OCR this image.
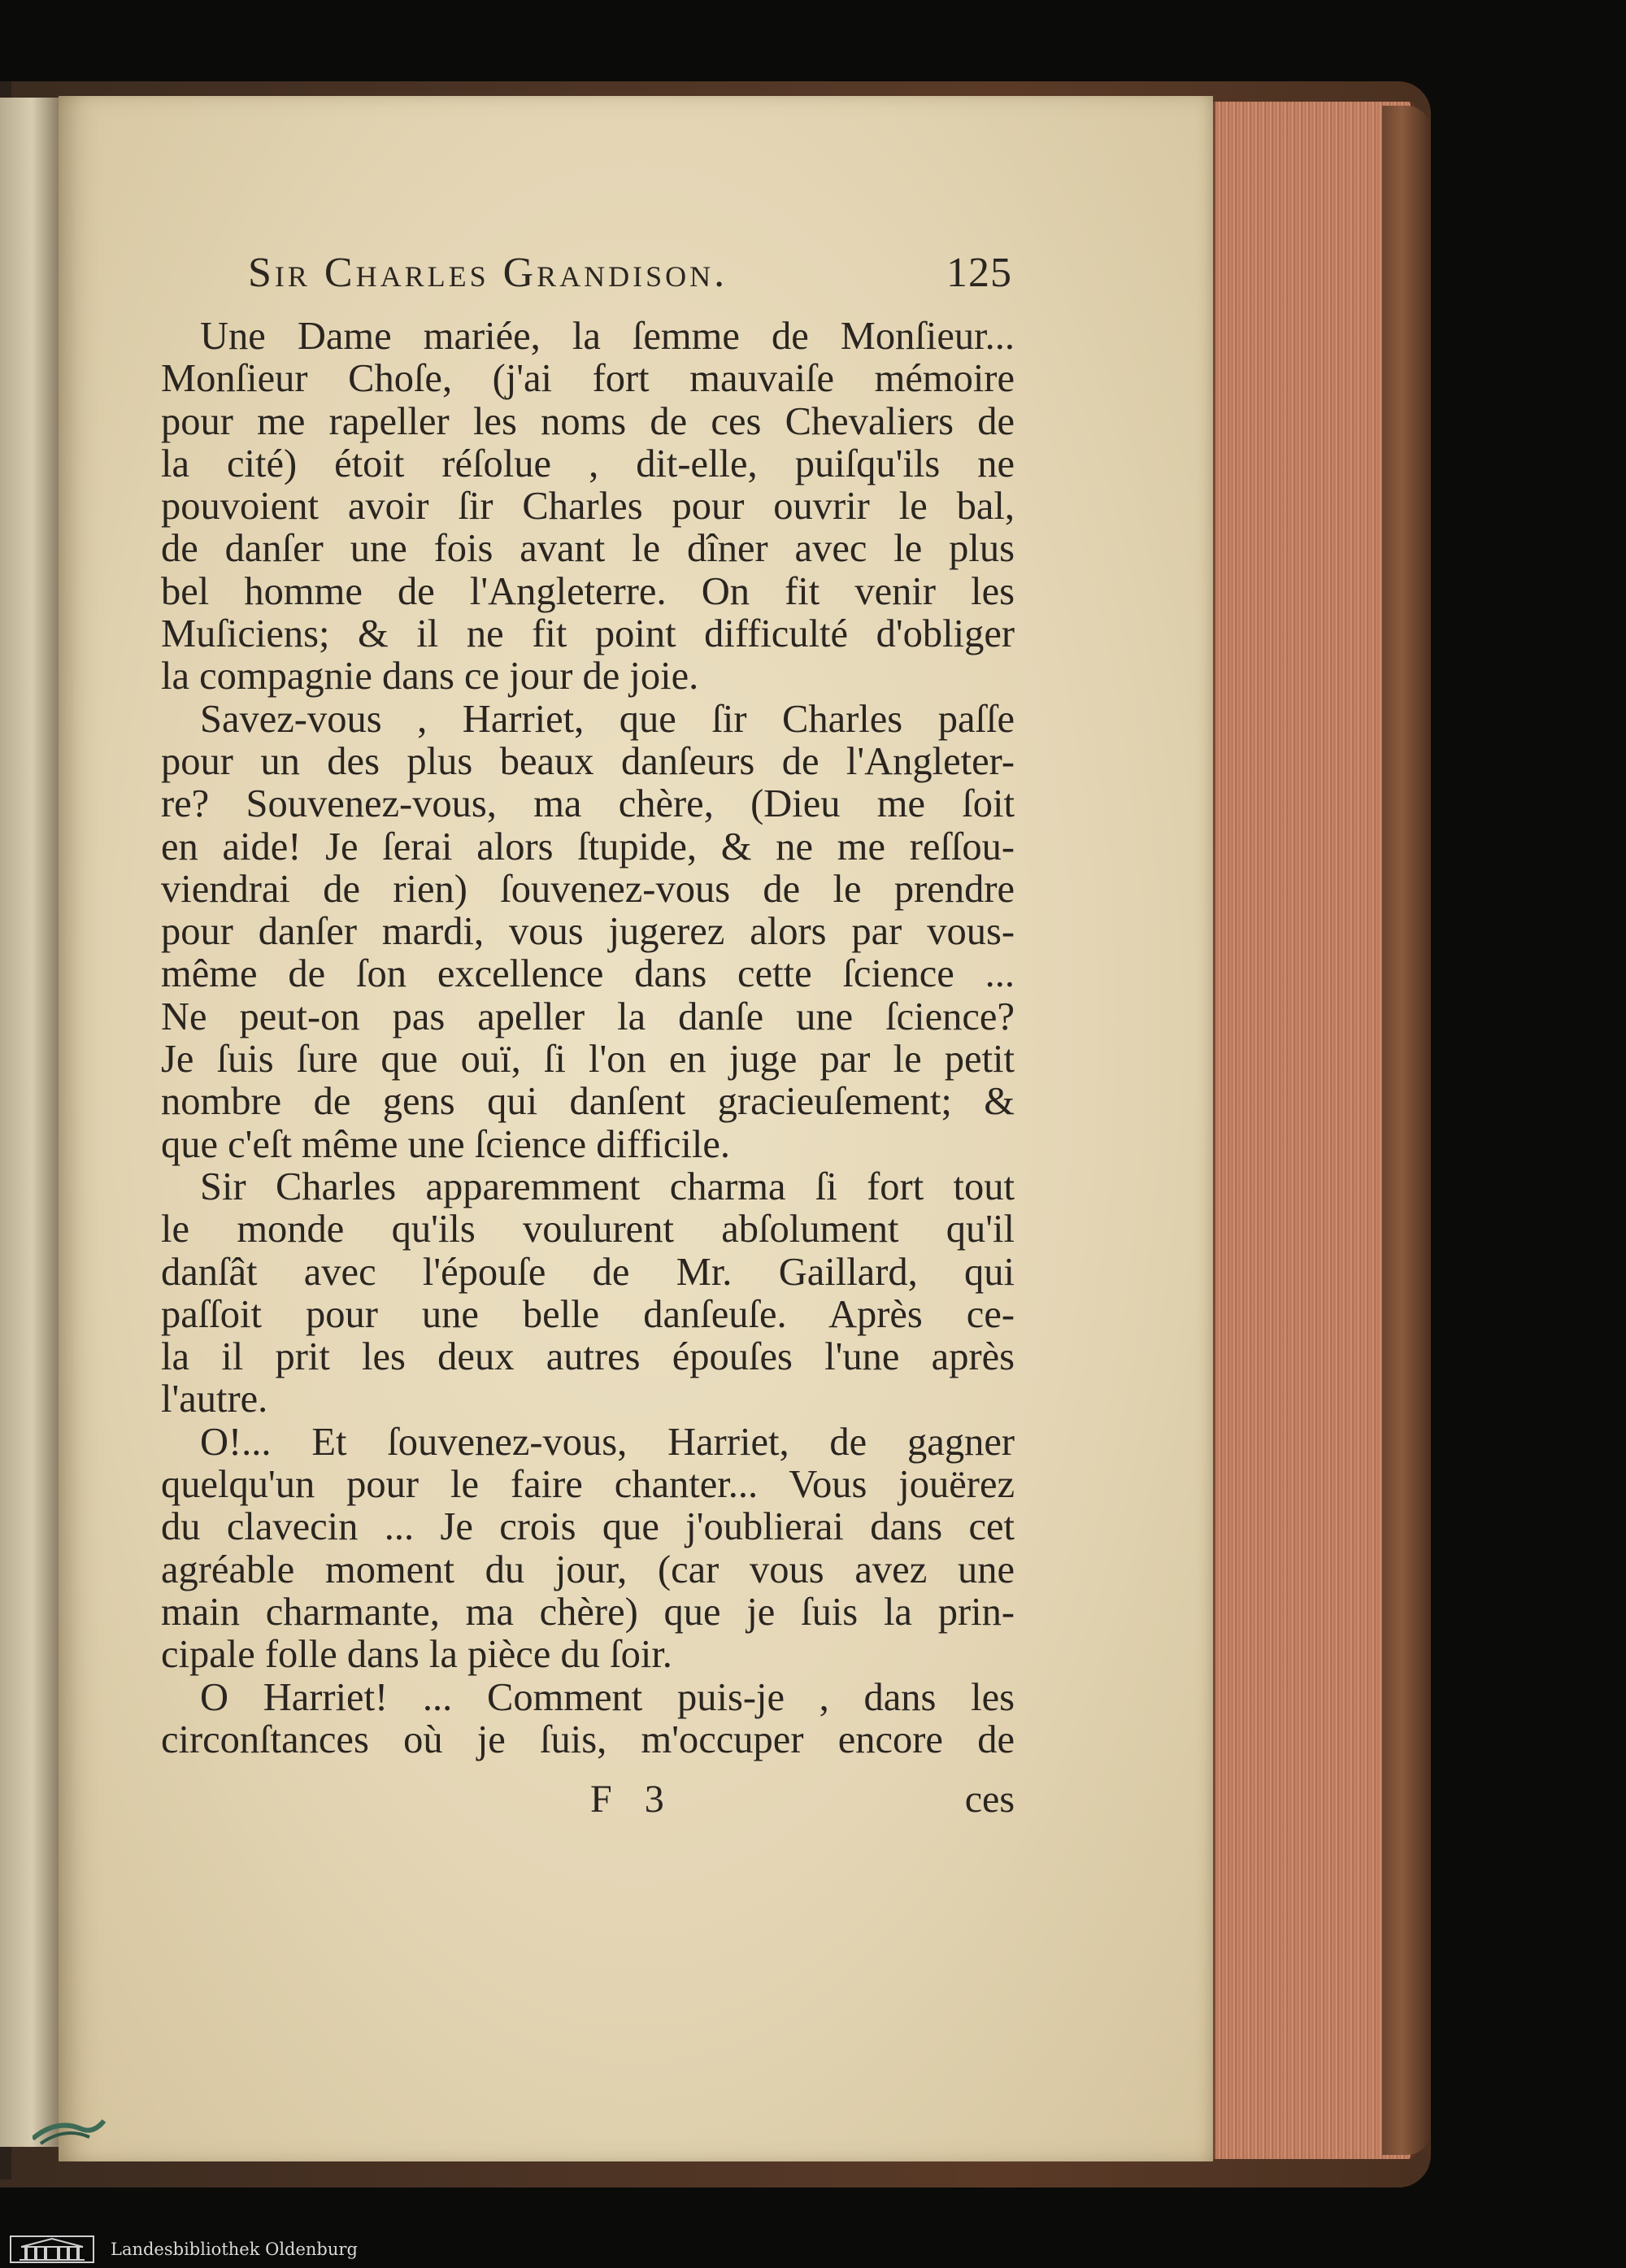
Sir Charles Grandison.	125
Une Dame mariée, la ſemme de Monſieur...
Monſieur Choſe, (j'ai fort mauvaiſe mémoire
pour me rapeller les noms de ces Chevaliers de
la cité) étoit réſolue , dit-elle, puiſqu'ils ne
pouvoient avoir ſir Charles pour ouvrir le bal,
de danſer une fois avant le dîner avec le plus
bel homme de l'Angleterre. On fit venir les
Muſiciens; & il ne fit point difficulté d'obliger
la compagnie dans ce jour de joie.
Savez-vous , Harriet, que ſir Charles paſſe
pour un des plus beaux danſeurs de l'Angleter-
re? Souvenez-vous, ma chère, (Dieu me ſoit
en aide! Je ſerai alors ſtupide, & ne me reſſou-
viendrai de rien) ſouvenez-vous de le prendre
pour danſer mardi, vous jugerez alors par vous-
même de ſon excellence dans cette ſcience ...
Ne peut-on pas apeller la danſe une ſcience?
Je ſuis ſure que ouï, ſi l'on en juge par le petit
nombre de gens qui danſent gracieuſement; &
que c'eſt même une ſcience difficile.
Sir Charles apparemment charma ſi fort tout
le monde qu'ils voulurent abſolument qu'il
danſât avec l'épouſe de Mr. Gaillard, qui
paſſoit pour une belle danſeuſe. Après ce-
la il prit les deux autres épouſes l'une après
l'autre.
O!... Et ſouvenez-vous, Harriet, de gagner
quelqu'un pour le faire chanter... Vous jouërez
du clavecin ... Je crois que j'oublierai dans cet
agréable moment du jour, (car vous avez une
main charmante, ma chère) que je ſuis la prin-
cipale folle dans la pièce du ſoir.
O Harriet! ... Comment puis-je , dans les
circonſtances où je ſuis, m'occuper encore de
F 3	ces
Landesbibliothek Oldenburg
